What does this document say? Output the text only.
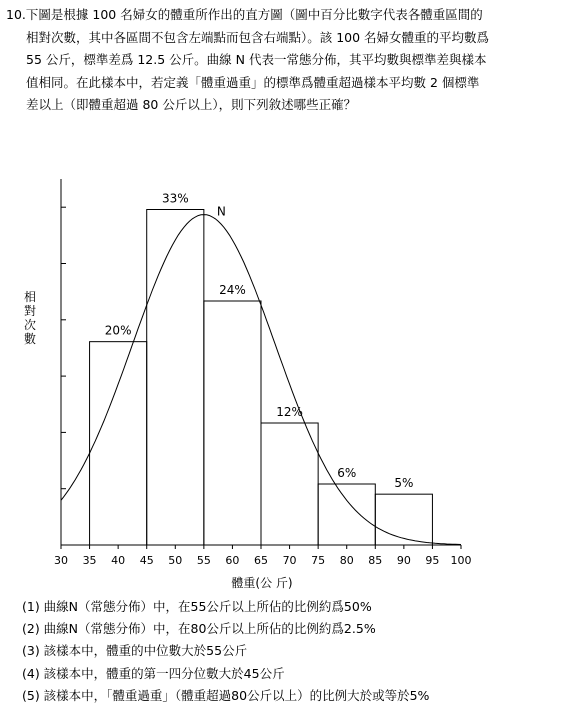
10.下圖是根據 100 名婦女的體重所作出的直方圖（圖中百分比數字代表各體重區間的
相對次數，其中各區間不包含左端點而包含右端點）。該 100 名婦女體重的平均數爲
55 公斤，標準差爲 12.5 公斤。曲線 N 代表一常態分佈，其平均數與標準差與樣本
值相同。在此樣本中，若定義「體重過重」的標準爲體重超過樣本平均數 2 個標準
差以上（即體重超過 80 公斤以上），則下列敘述哪些正確？
20%
33%
24%
12%
6%
5%
N
30 35 40 45 50 55 60 65 70 75 80 85 90 95 100
體重(公 斤)
相
對
次
數
(1) 曲線N（常態分佈）中，在55公斤以上所佔的比例約爲50%
(2) 曲線N（常態分佈）中，在80公斤以上所佔的比例約爲2.5%
(3) 該樣本中，體重的中位數大於55公斤
(4) 該樣本中，體重的第一四分位數大於45公斤
(5) 該樣本中，「體重過重」（體重超過80公斤以上）的比例大於或等於5%
